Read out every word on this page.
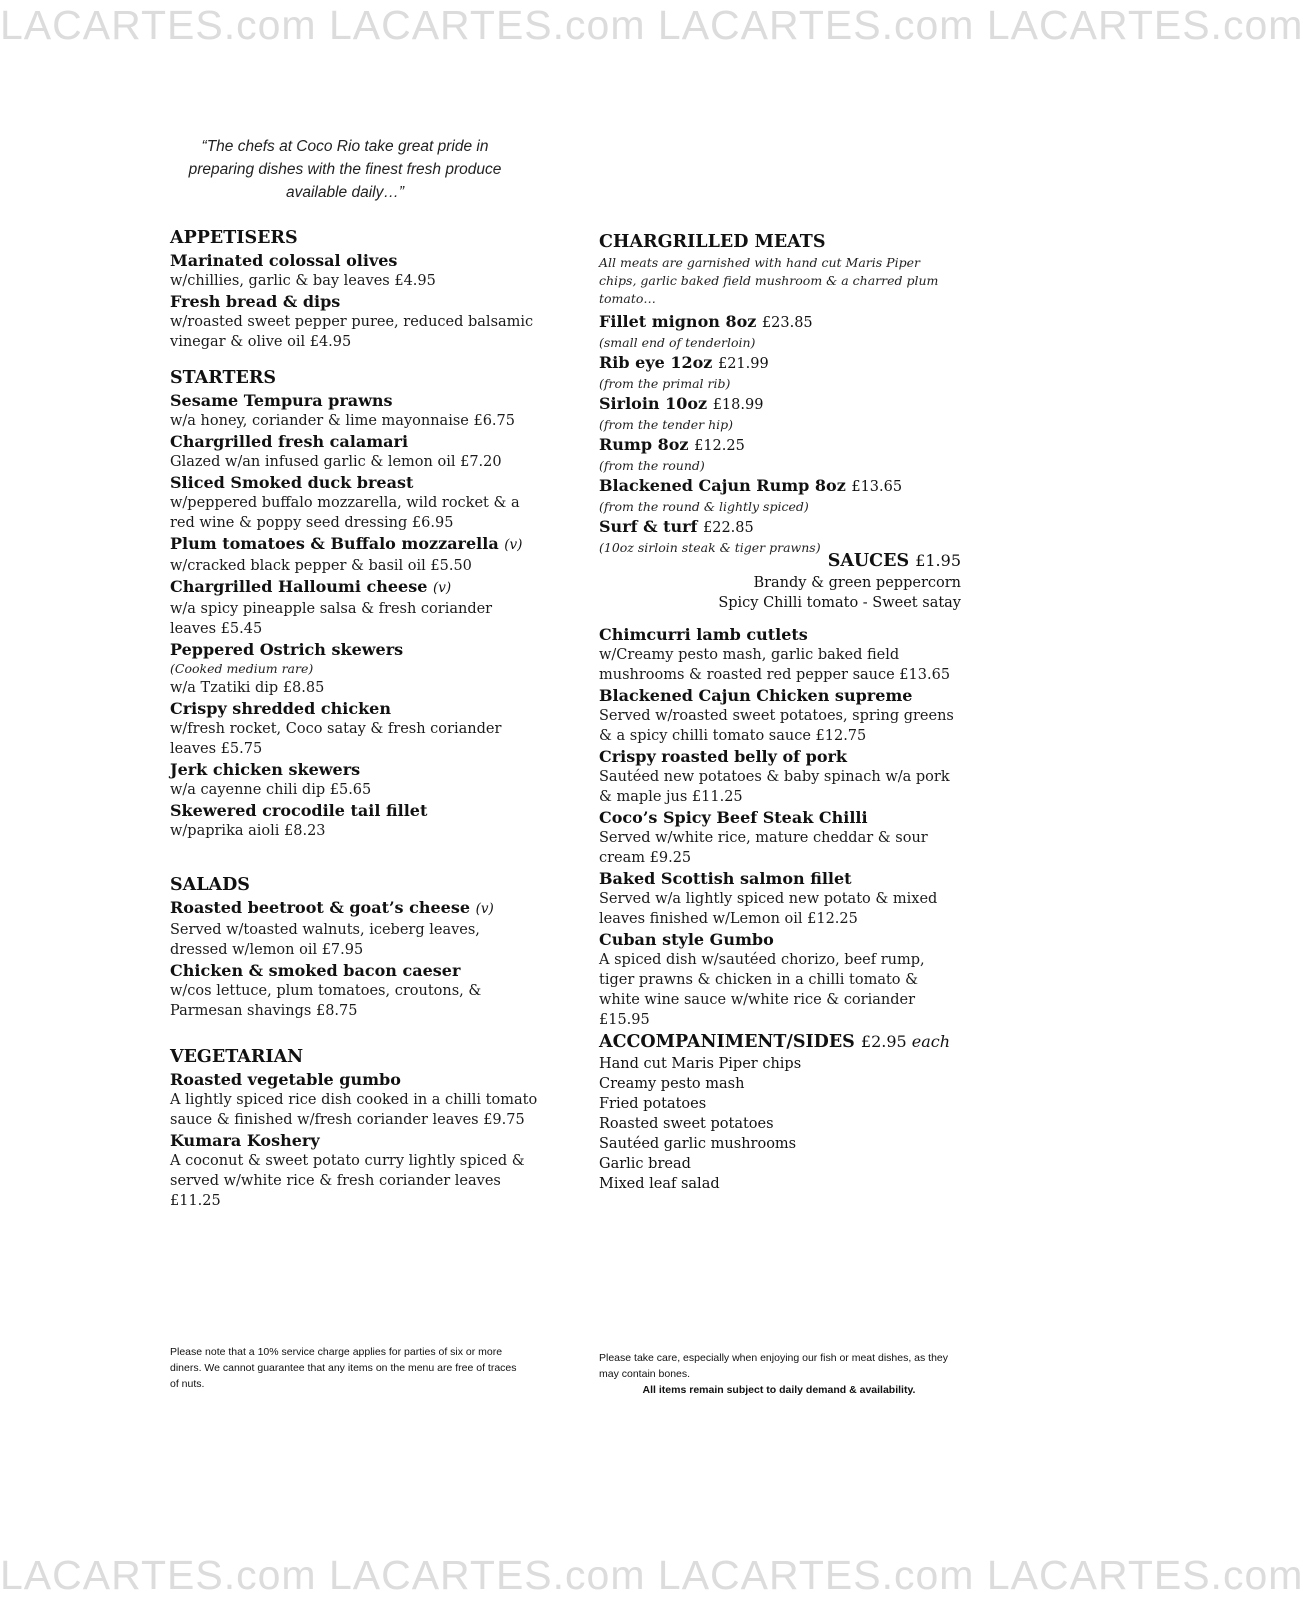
LACARTES.com LACARTES.com LACARTES.com LACARTES.com
LACARTES.com LACARTES.com LACARTES.com LACARTES.com
“The chefs at Coco Rio take great pride in preparing dishes with the finest fresh produce available daily…”
APPETISERS
Marinated colossal olives
w/chillies, garlic & bay leaves £4.95
Fresh bread & dips
w/roasted sweet pepper puree, reduced balsamic vinegar & olive oil £4.95
STARTERS
Sesame Tempura prawns
w/a honey, coriander & lime mayonnaise £6.75
Chargrilled fresh calamari
Glazed w/an infused garlic & lemon oil £7.20
Sliced Smoked duck breast
w/peppered buffalo mozzarella, wild rocket & a red wine & poppy seed dressing £6.95
Plum tomatoes & Buffalo mozzarella (v)
w/cracked black pepper & basil oil £5.50
Chargrilled Halloumi cheese (v)
w/a spicy pineapple salsa & fresh coriander leaves £5.45
Peppered Ostrich skewers
(Cooked medium rare)
w/a Tzatiki dip £8.85
Crispy shredded chicken
w/fresh rocket, Coco satay & fresh coriander leaves £5.75
Jerk chicken skewers
w/a cayenne chili dip £5.65
Skewered crocodile tail fillet
w/paprika aioli £8.23
SALADS
Roasted beetroot & goat’s cheese (v)
Served w/toasted walnuts, iceberg leaves, dressed w/lemon oil £7.95
Chicken & smoked bacon caeser
w/cos lettuce, plum tomatoes, croutons, & Parmesan shavings £8.75
VEGETARIAN
Roasted vegetable gumbo
A lightly spiced rice dish cooked in a chilli tomato sauce & finished w/fresh coriander leaves £9.75
Kumara Koshery
A coconut & sweet potato curry lightly spiced & served w/white rice & fresh coriander leaves £11.25
CHARGRILLED MEATS
All meats are garnished with hand cut Maris Piper chips, garlic baked field mushroom & a charred plum tomato…
Fillet mignon 8oz £23.85
(small end of tenderloin)
Rib eye 12oz £21.99
(from the primal rib)
Sirloin 10oz £18.99
(from the tender hip)
Rump 8oz £12.25
(from the round)
Blackened Cajun Rump 8oz £13.65
(from the round & lightly spiced)
Surf & turf £22.85
(10oz sirloin steak & tiger prawns)
SAUCES £1.95
Brandy & green peppercorn
Spicy Chilli tomato - Sweet satay
Chimcurri lamb cutlets
w/Creamy pesto mash, garlic baked field mushrooms & roasted red pepper sauce £13.65
Blackened Cajun Chicken supreme
Served w/roasted sweet potatoes, spring greens & a spicy chilli tomato sauce £12.75
Crispy roasted belly of pork
Sautéed new potatoes & baby spinach w/a pork & maple jus £11.25
Coco’s Spicy Beef Steak Chilli
Served w/white rice, mature cheddar & sour cream £9.25
Baked Scottish salmon fillet
Served w/a lightly spiced new potato & mixed leaves finished w/Lemon oil £12.25
Cuban style Gumbo
A spiced dish w/sautéed chorizo, beef rump, tiger prawns & chicken in a chilli tomato & white wine sauce w/white rice & coriander £15.95
ACCOMPANIMENT/SIDES £2.95 each
Hand cut Maris Piper chips
Creamy pesto mash
Fried potatoes
Roasted sweet potatoes
Sautéed garlic mushrooms
Garlic bread
Mixed leaf salad
Please note that a 10% service charge applies for parties of six or more diners. We cannot guarantee that any items on the menu are free of traces of nuts.
Please take care, especially when enjoying our fish or meat dishes, as they may contain bones.
All items remain subject to daily demand & availability.
